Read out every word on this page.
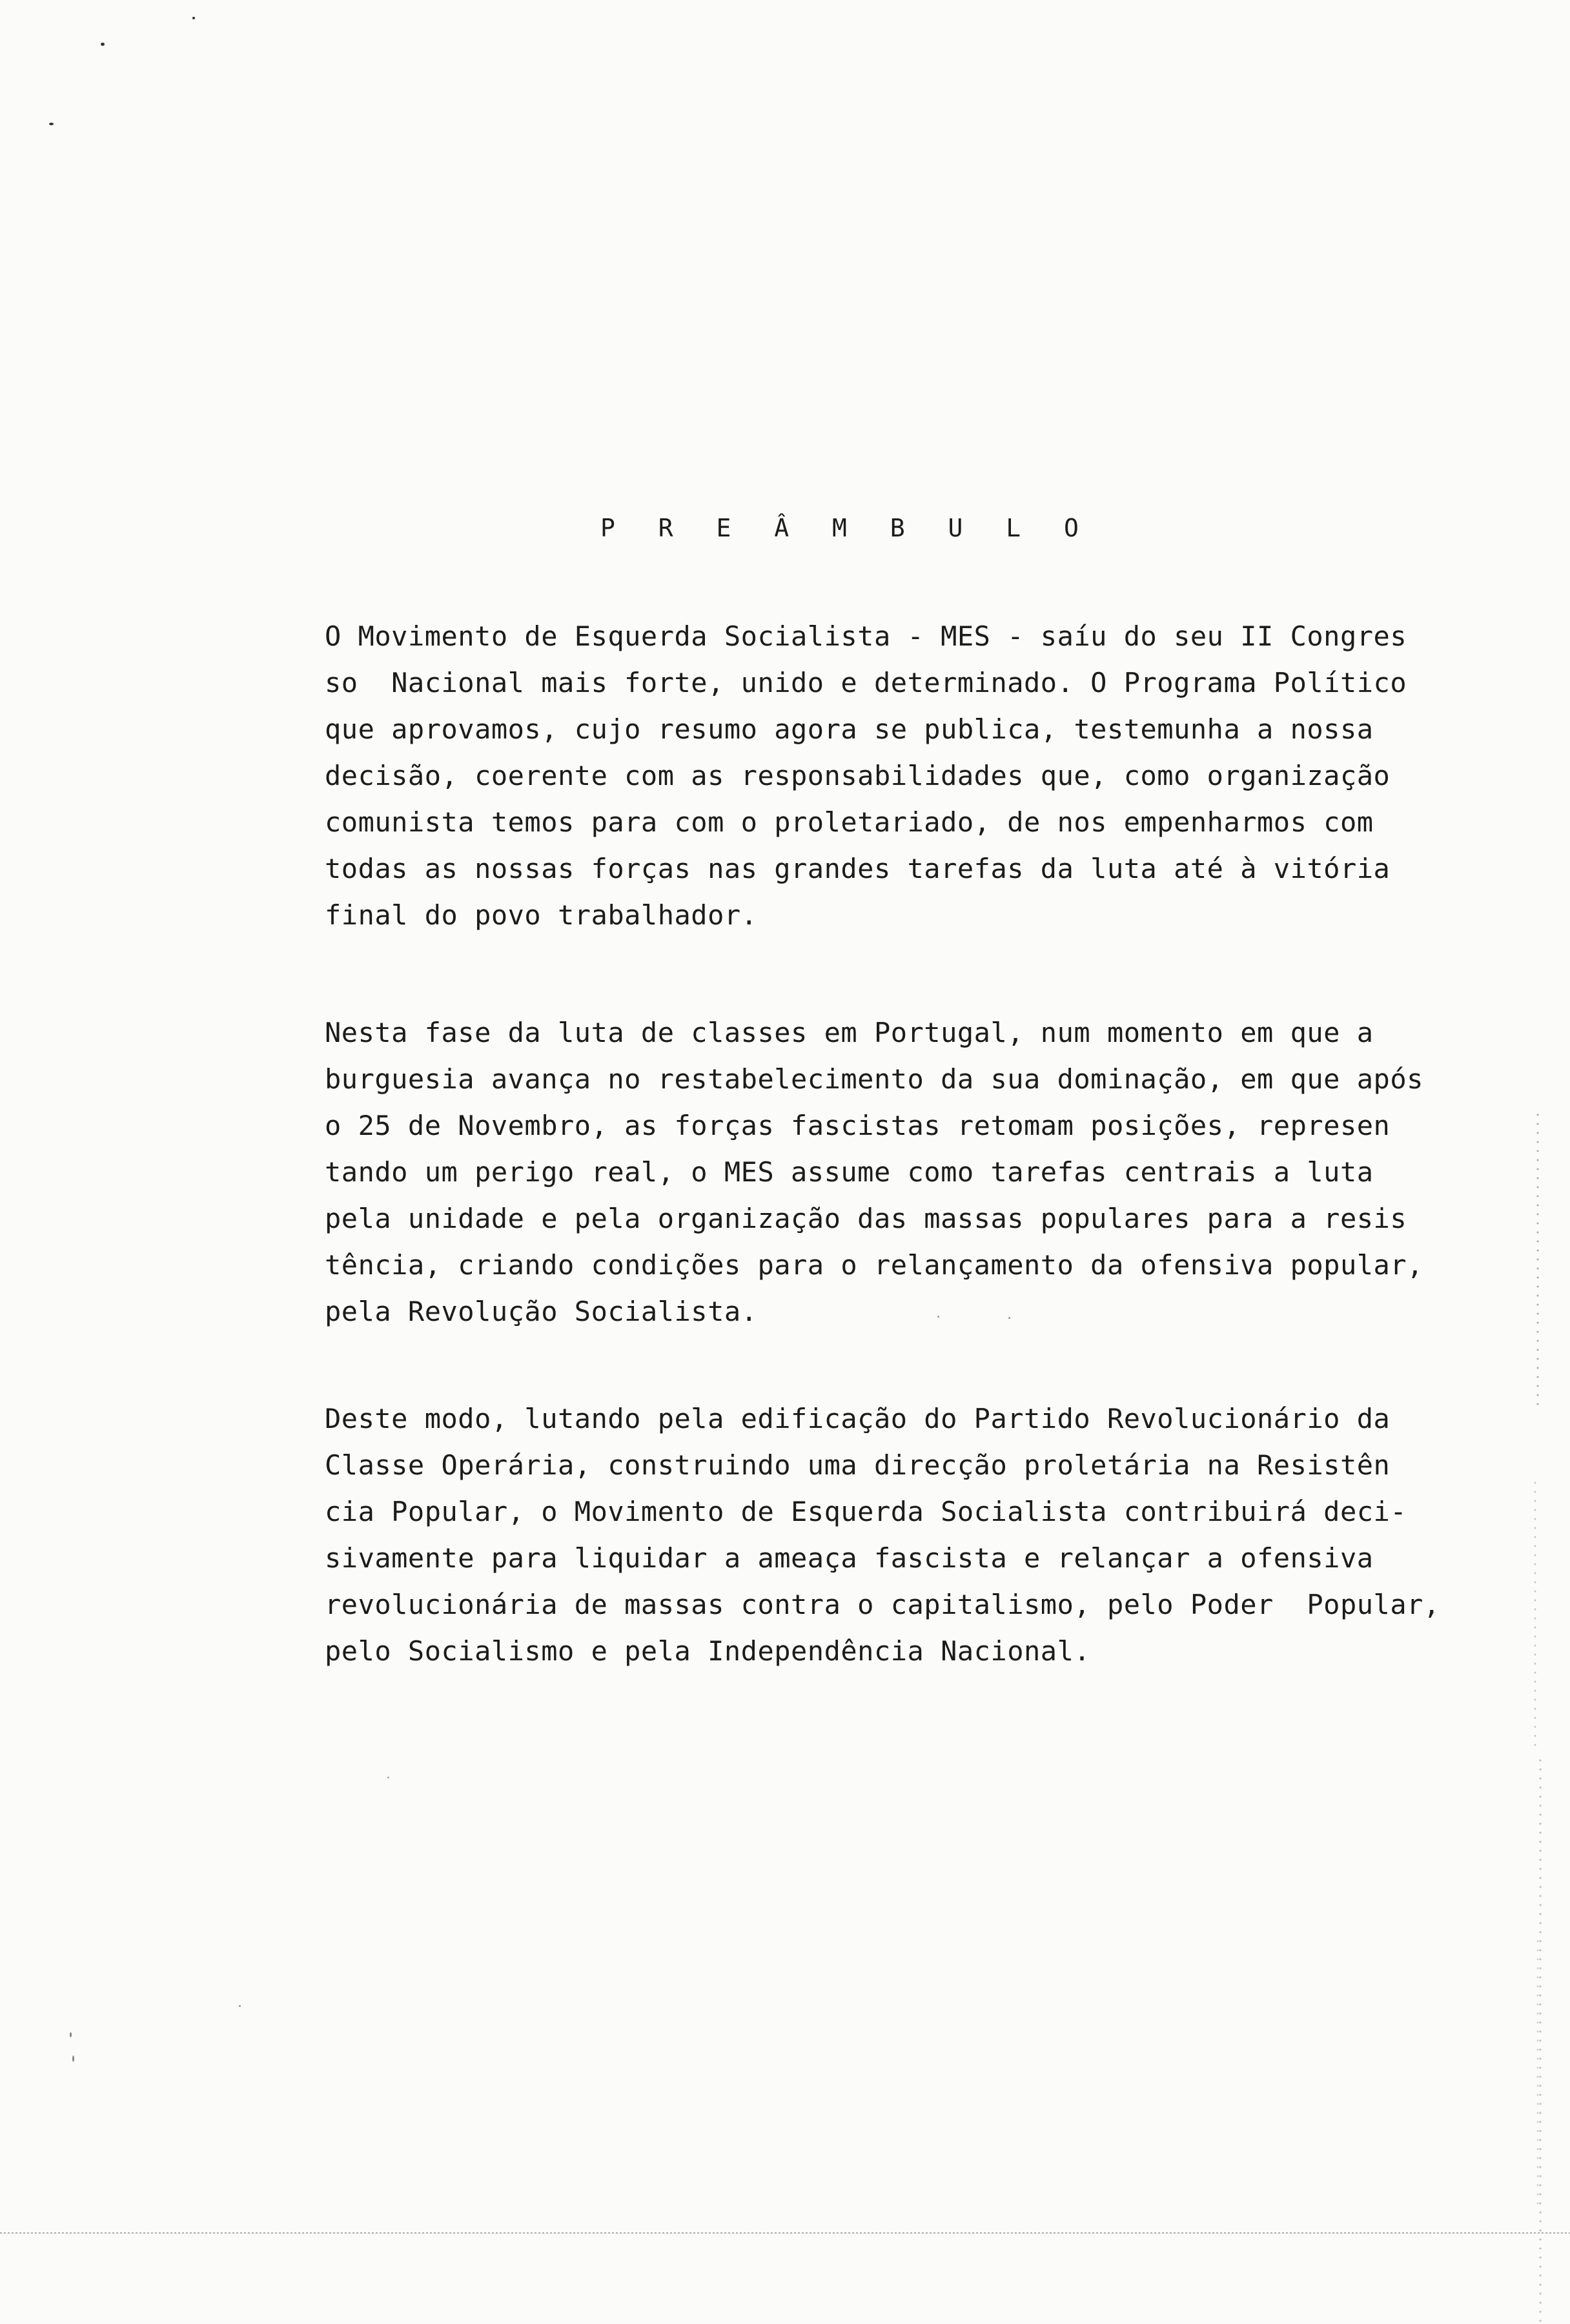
P R E Â M B U L O
O Movimento de Esquerda Socialista - MES - saíu do seu II Congres
so  Nacional mais forte, unido e determinado. O Programa Político
que aprovamos, cujo resumo agora se publica, testemunha a nossa
decisão, coerente com as responsabilidades que, como organização
comunista temos para com o proletariado, de nos empenharmos com
todas as nossas forças nas grandes tarefas da luta até à vitória
final do povo trabalhador.
Nesta fase da luta de classes em Portugal, num momento em que a
burguesia avança no restabelecimento da sua dominação, em que após
o 25 de Novembro, as forças fascistas retomam posições, represen
tando um perigo real, o MES assume como tarefas centrais a luta
pela unidade e pela organização das massas populares para a resis
tência, criando condições para o relançamento da ofensiva popular,
pela Revolução Socialista.
Deste modo, lutando pela edificação do Partido Revolucionário da
Classe Operária, construindo uma direcção proletária na Resistên
cia Popular, o Movimento de Esquerda Socialista contribuirá deci-
sivamente para liquidar a ameaça fascista e relançar a ofensiva
revolucionária de massas contra o capitalismo, pelo Poder  Popular,
pelo Socialismo e pela Independência Nacional.
